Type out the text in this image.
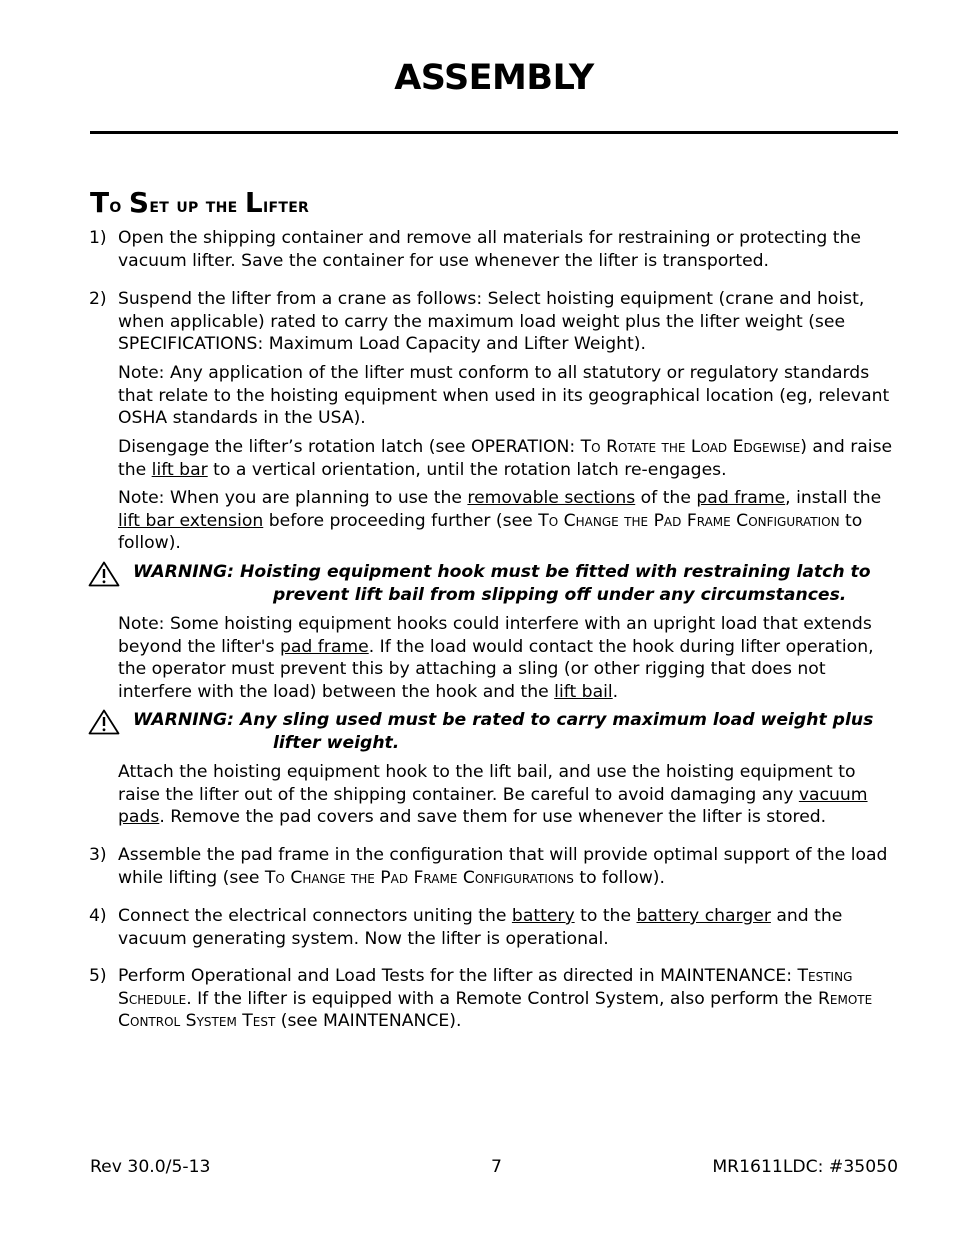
ASSEMBLY
To Set up the Lifter
1) Open the shipping container and remove all materials for restraining or protecting the vacuum lifter. Save the container for use whenever the lifter is transported.
2) Suspend the lifter from a crane as follows: Select hoisting equipment (crane and hoist, when applicable) rated to carry the maximum load weight plus the lifter weight (see SPECIFICATIONS: Maximum Load Capacity and Lifter Weight).
Note: Any application of the lifter must conform to all statutory or regulatory standards that relate to the hoisting equipment when used in its geographical location (eg, relevant OSHA standards in the USA).
Disengage the lifter’s rotation latch (see OPERATION: To Rotate the Load Edgewise) and raise the lift bar to a vertical orientation, until the rotation latch re-engages.
Note: When you are planning to use the removable sections of the pad frame, install the lift bar extension before proceeding further (see To Change the Pad Frame Configuration to follow).
WARNING: Hoisting equipment hook must be fitted with restraining latch to
prevent lift bail from slipping off under any circumstances.
Note: Some hoisting equipment hooks could interfere with an upright load that extends beyond the lifter's pad frame. If the load would contact the hook during lifter operation, the operator must prevent this by attaching a sling (or other rigging that does not interfere with the load) between the hook and the lift bail.
WARNING: Any sling used must be rated to carry maximum load weight plus
lifter weight.
Attach the hoisting equipment hook to the lift bail, and use the hoisting equipment to raise the lifter out of the shipping container. Be careful to avoid damaging any vacuum pads. Remove the pad covers and save them for use whenever the lifter is stored.
3) Assemble the pad frame in the configuration that will provide optimal support of the load while lifting (see To Change the Pad Frame Configurations to follow).
4) Connect the electrical connectors uniting the battery to the battery charger and the vacuum generating system. Now the lifter is operational.
5) Perform Operational and Load Tests for the lifter as directed in MAINTENANCE: Testing Schedule. If the lifter is equipped with a Remote Control System, also perform the Remote Control System Test (see MAINTENANCE).
Rev 30.0/5-13	7	MR1611LDC: #35050
